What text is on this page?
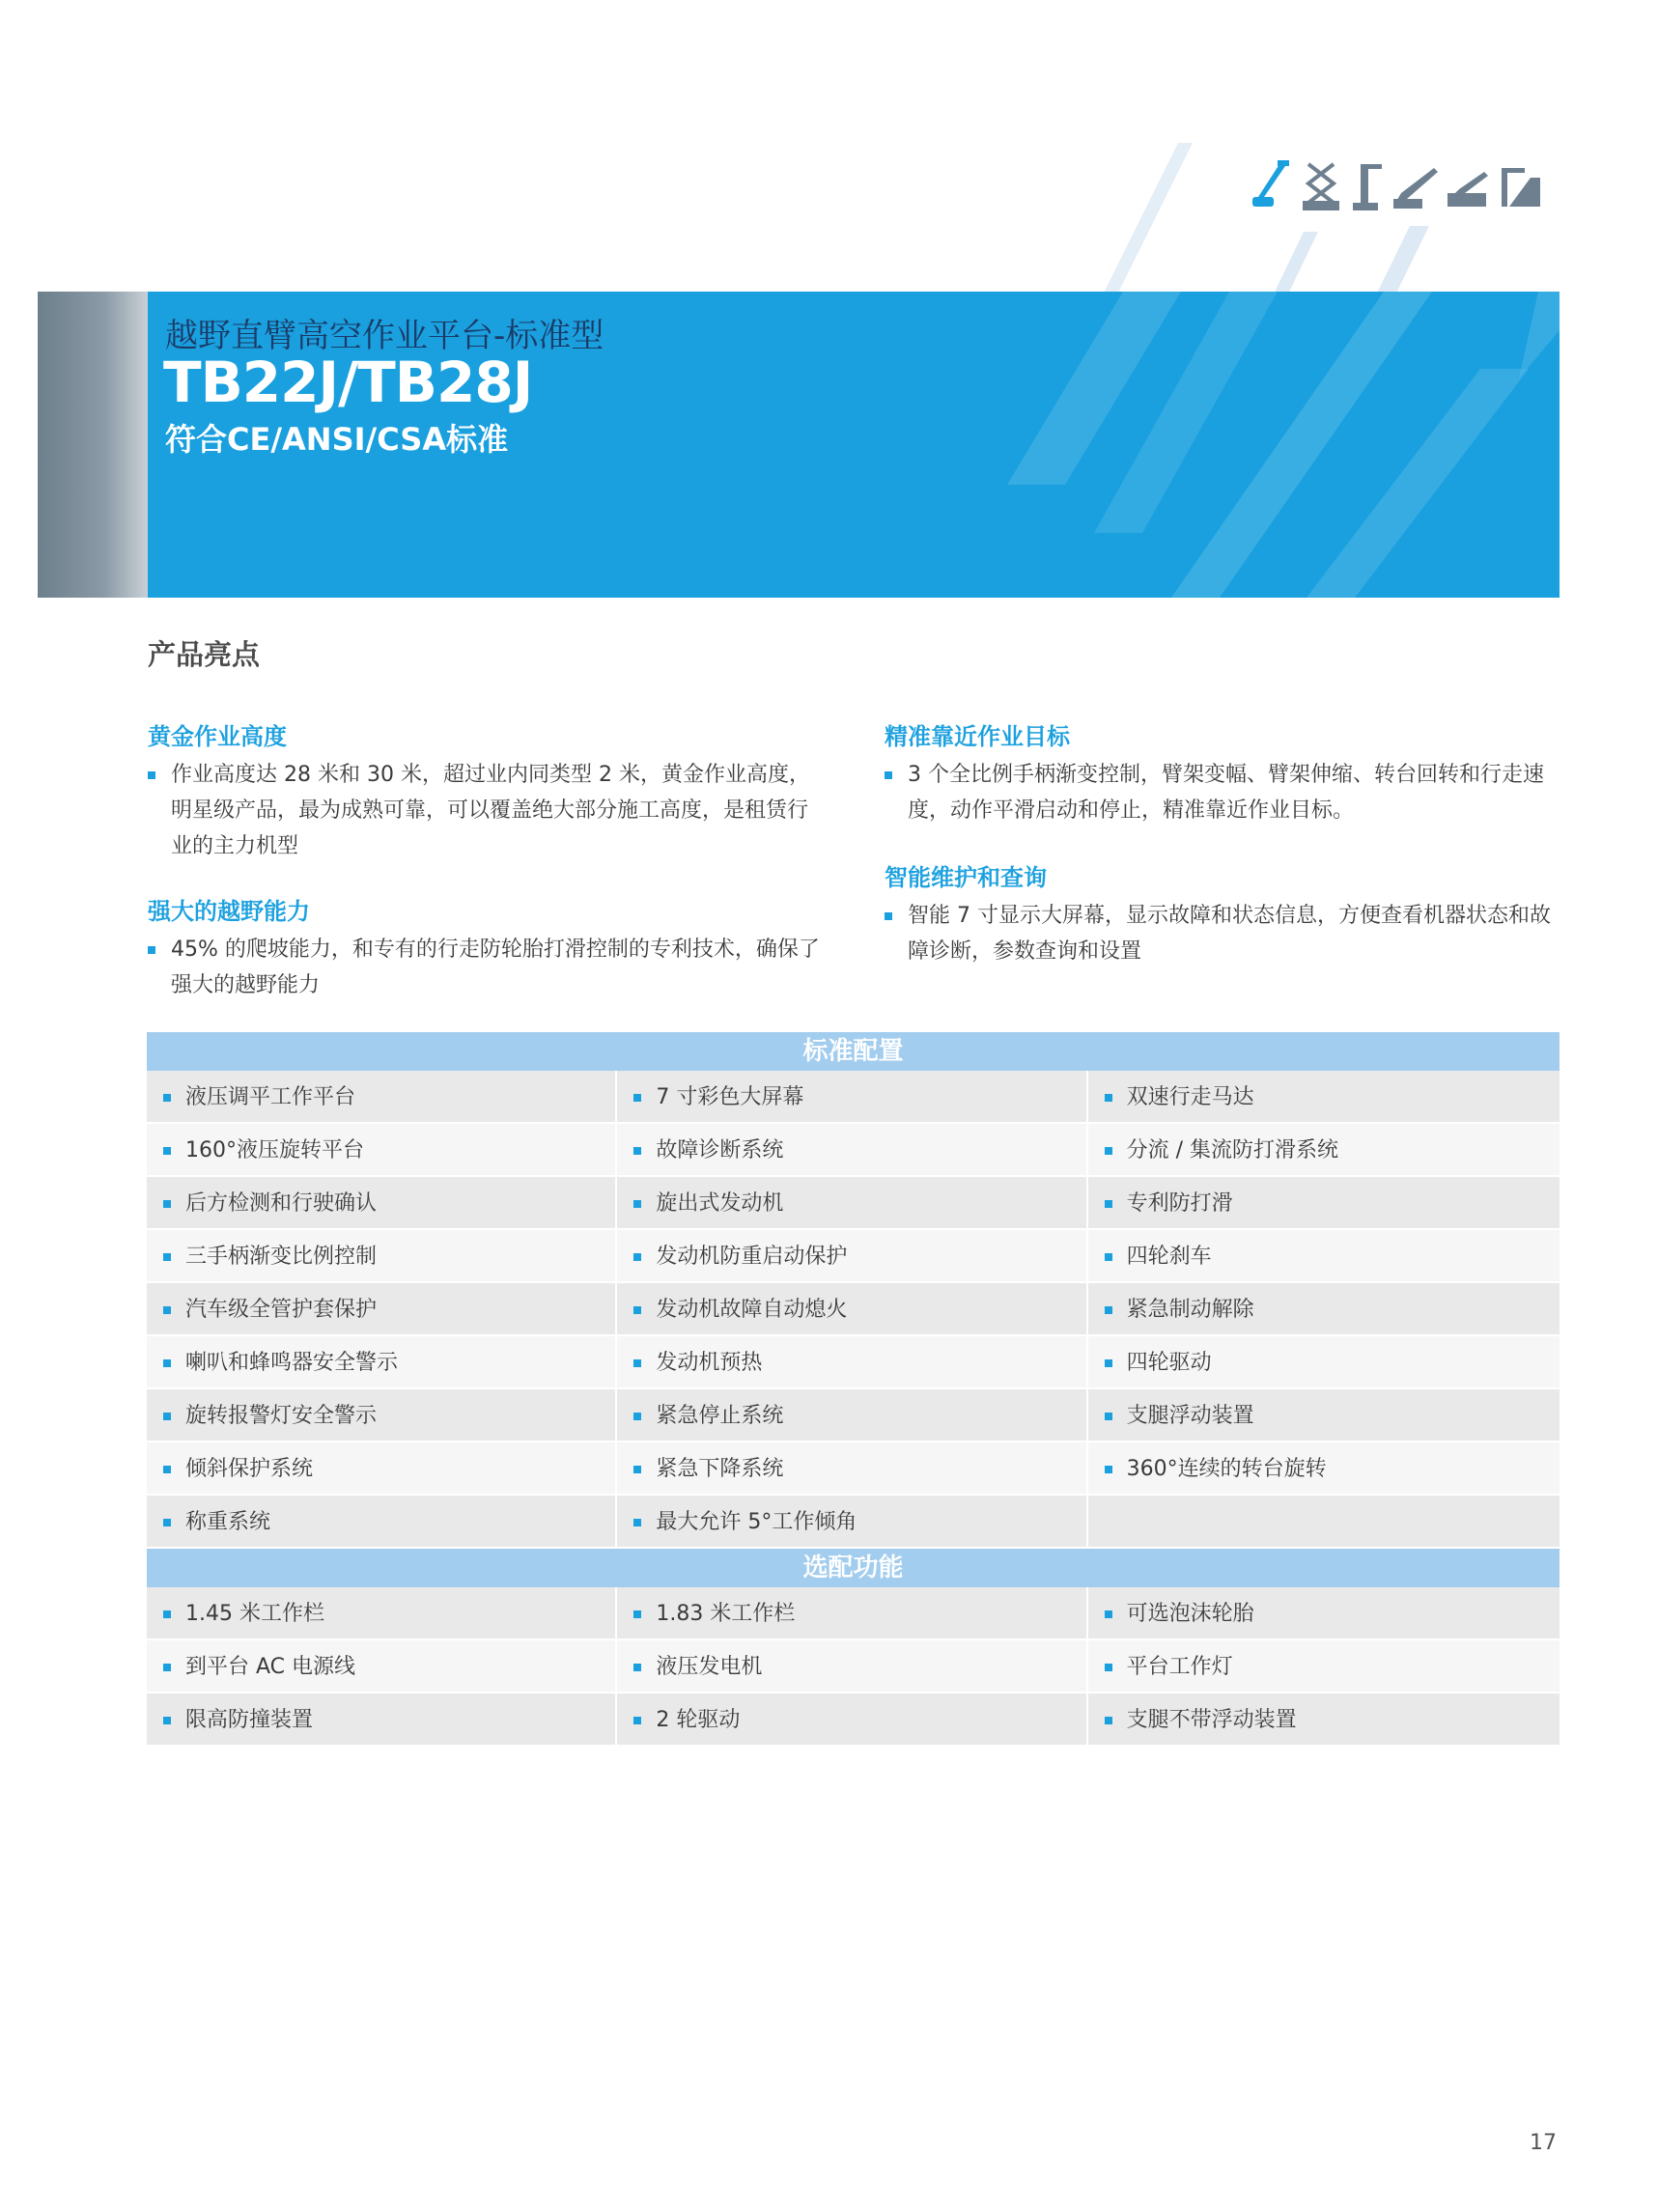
越野直臂高空作业平台-标准型
TB22J/TB28J
符合CE/ANSI/CSA标准
产品亮点
黄金作业高度
作业高度达 28 米和 30 米，超过业内同类型 2 米，黄金作业高度，明星级产品，最为成熟可靠，可以覆盖绝大部分施工高度，是租赁行业的主力机型
强大的越野能力
45% 的爬坡能力，和专有的行走防轮胎打滑控制的专利技术，确保了强大的越野能力
精准靠近作业目标
3 个全比例手柄渐变控制，臂架变幅、臂架伸缩、转台回转和行走速度，动作平滑启动和停止，精准靠近作业目标。
智能维护和查询
智能 7 寸显示大屏幕，显示故障和状态信息，方便查看机器状态和故障诊断，参数查询和设置
标准配置
液压调平工作平台	7 寸彩色大屏幕	双速行走马达
160°液压旋转平台	故障诊断系统	分流 / 集流防打滑系统
后方检测和行驶确认	旋出式发动机	专利防打滑
三手柄渐变比例控制	发动机防重启动保护	四轮刹车
汽车级全管护套保护	发动机故障自动熄火	紧急制动解除
喇叭和蜂鸣器安全警示	发动机预热	四轮驱动
旋转报警灯安全警示	紧急停止系统	支腿浮动装置
倾斜保护系统	紧急下降系统	360°连续的转台旋转
称重系统	最大允许 5°工作倾角
选配功能
1.45 米工作栏	1.83 米工作栏	可选泡沫轮胎
到平台 AC 电源线	液压发电机	平台工作灯
限高防撞装置	2 轮驱动	支腿不带浮动装置
17
